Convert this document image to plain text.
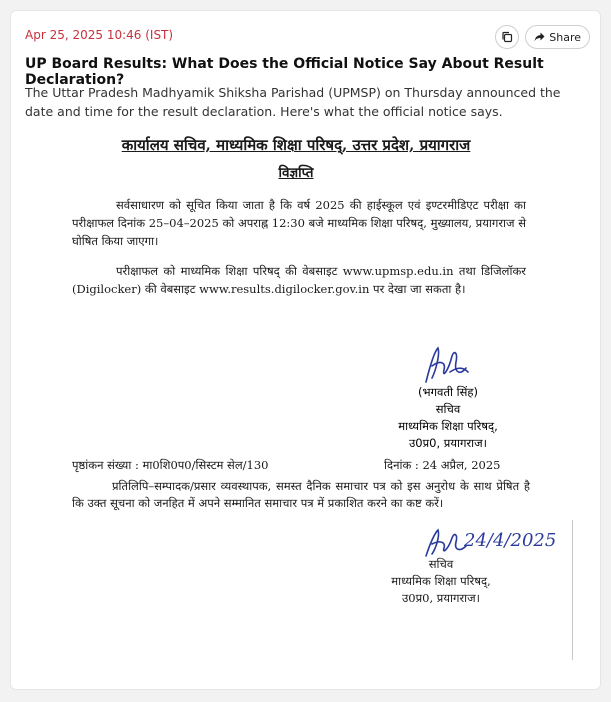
Apr 25, 2025 10:46 (IST)	Share
UP Board Results: What Does the Official Notice Say About Result Declaration?
The Uttar Pradesh Madhyamik Shiksha Parishad (UPMSP) on Thursday announced the date and time for the result declaration. Here's what the official notice says.
कार्यालय सचिव, माध्यमिक शिक्षा परिषद्, उत्तर प्रदेश, प्रयागराज
विज्ञप्ति
सर्वसाधारण को सूचित किया जाता है कि वर्ष 2025 की हाईस्कूल एवं इण्टरमीडिएट परीक्षा का परीक्षाफल दिनांक 25–04–2025 को अपराह्न 12:30 बजे माध्यमिक शिक्षा परिषद्, मुख्यालय, प्रयागराज से घोषित किया जाएगा।
परीक्षाफल को माध्यमिक शिक्षा परिषद् की वेबसाइट www.upmsp.edu.in तथा डिजिलॉकर (Digilocker) की वेबसाइट www.results.digilocker.gov.in पर देखा जा सकता है।
(भगवती सिंह)
सचिव
माध्यमिक शिक्षा परिषद्,
उ0प्र0, प्रयागराज।
पृष्ठांकन संख्या : मा0शि0प0/सिस्टम सेल/130	दिनांक : 24 अप्रैल, 2025
प्रतिलिपि–सम्पादक/प्रसार व्यवस्थापक, समस्त दैनिक समाचार पत्र को इस अनुरोध के साथ प्रेषित है कि उक्त सूचना को जनहित में अपने सम्मानित समाचार पत्र में प्रकाशित करने का कष्ट करें।
24/4/2025
सचिव
माध्यमिक शिक्षा परिषद्,
उ0प्र0, प्रयागराज।
